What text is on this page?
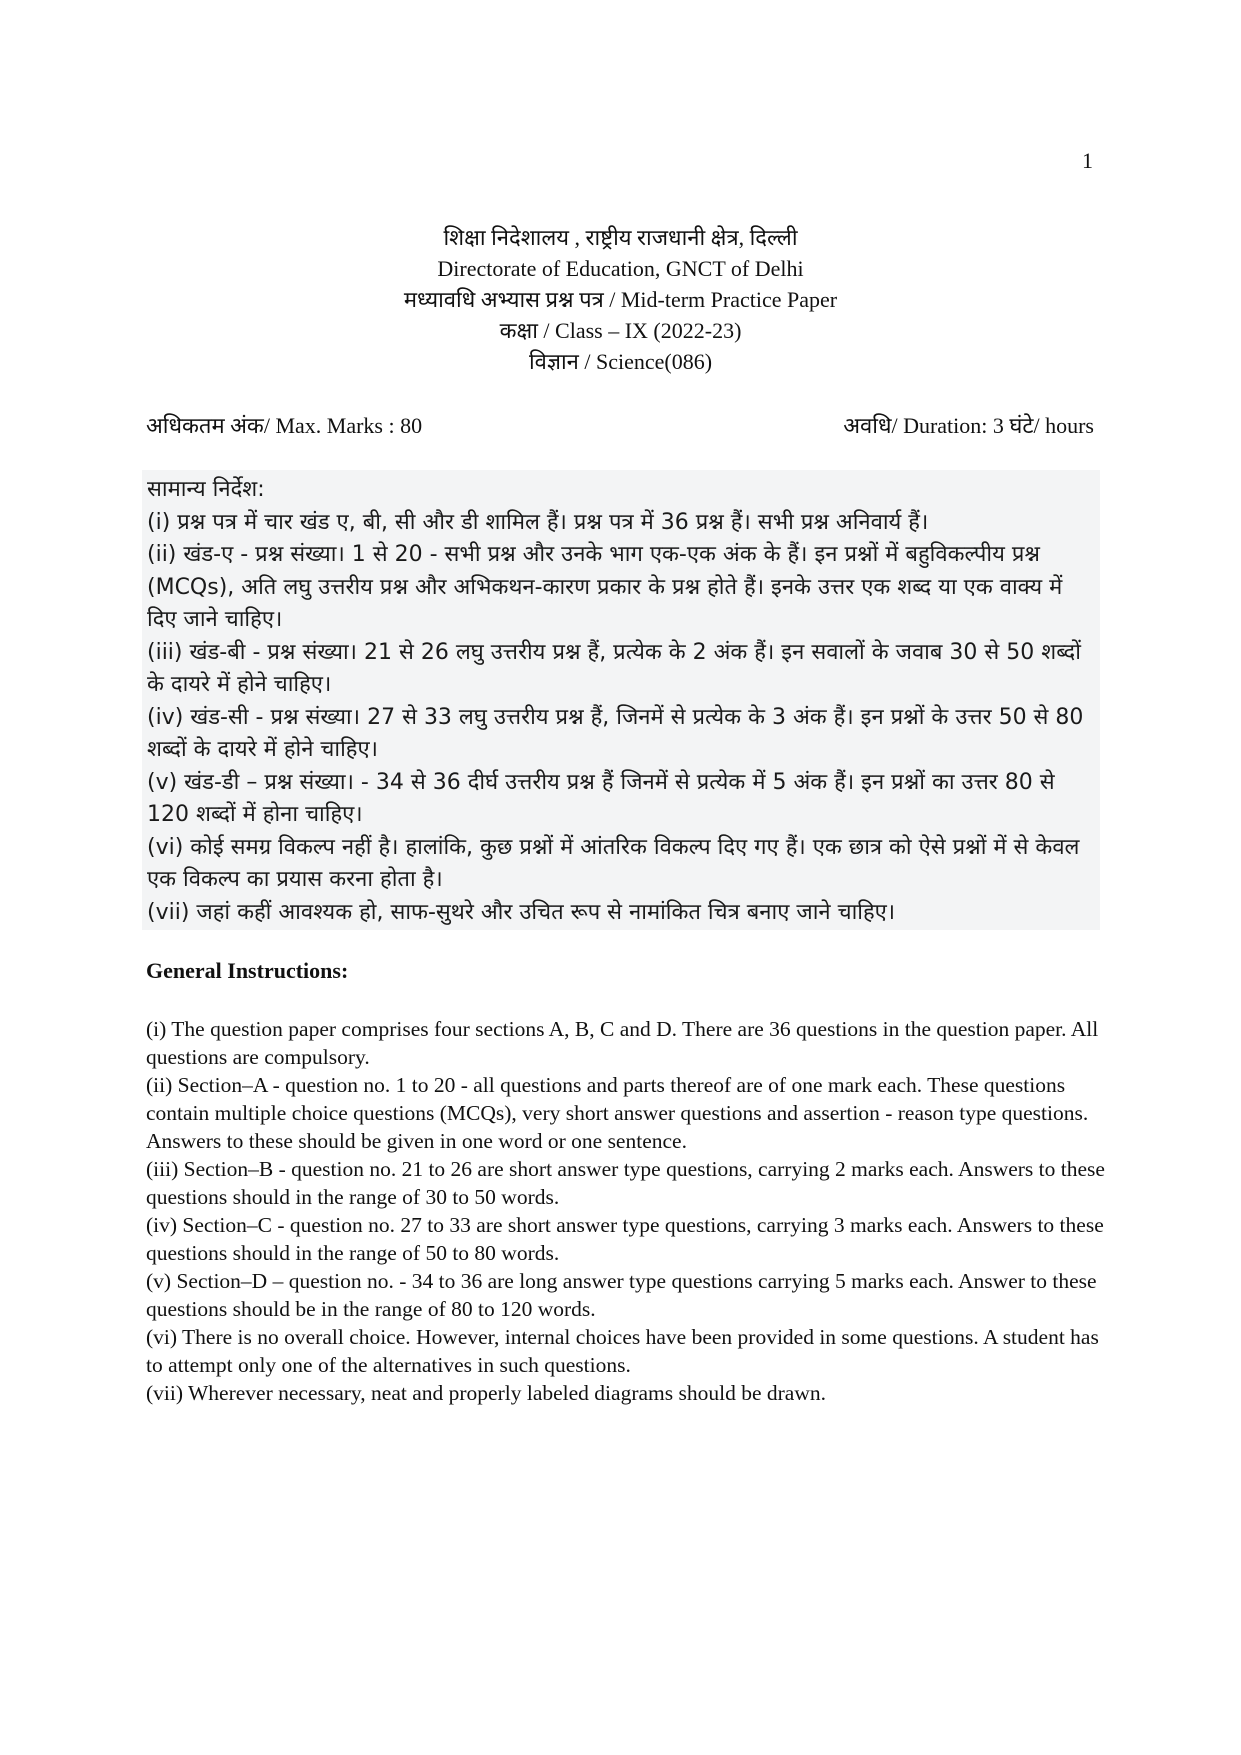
1
शिक्षा निदेशालय , राष्ट्रीय राजधानी क्षेत्र, दिल्ली
Directorate of Education, GNCT of Delhi
मध्यावधि अभ्यास प्रश्न पत्र / Mid-term Practice Paper
कक्षा / Class – IX (2022-23)
विज्ञान / Science(086)
अधिकतम अंक/ Max. Marks : 80	अवधि/ Duration: 3 घंटे/ hours

सामान्य निर्देश:

(i) प्रश्न पत्र में चार खंड ए, बी, सी और डी शामिल हैं। प्रश्न पत्र में 36 प्रश्न हैं। सभी प्रश्न अनिवार्य हैं।

(ii) खंड-ए - प्रश्न संख्या। 1 से 20 - सभी प्रश्न और उनके भाग एक-एक अंक के हैं। इन प्रश्नों में बहुविकल्पीय प्रश्न (MCQs), अति लघु उत्तरीय प्रश्न और अभिकथन-कारण प्रकार के प्रश्न होते हैं। इनके उत्तर एक शब्द या एक वाक्य में दिए जाने चाहिए।

(iii) खंड-बी - प्रश्न संख्या। 21 से 26 लघु उत्तरीय प्रश्न हैं, प्रत्येक के 2 अंक हैं। इन सवालों के जवाब 30 से 50 शब्दों के दायरे में होने चाहिए।

(iv) खंड-सी - प्रश्न संख्या। 27 से 33 लघु उत्तरीय प्रश्न हैं, जिनमें से प्रत्येक के 3 अंक हैं। इन प्रश्नों के उत्तर 50 से 80 शब्दों के दायरे में होने चाहिए।

(v) खंड-डी – प्रश्न संख्या। - 34 से 36 दीर्घ उत्तरीय प्रश्न हैं जिनमें से प्रत्येक में 5 अंक हैं। इन प्रश्नों का उत्तर 80 से 120 शब्दों में होना चाहिए।

(vi) कोई समग्र विकल्प नहीं है। हालांकि, कुछ प्रश्नों में आंतरिक विकल्प दिए गए हैं। एक छात्र को ऐसे प्रश्नों में से केवल एक विकल्प का प्रयास करना होता है।

(vii) जहां कहीं आवश्यक हो, साफ-सुथरे और उचित रूप से नामांकित चित्र बनाए जाने चाहिए।

General Instructions:

(i) The question paper comprises four sections A, B, C and D. There are 36 questions in the question paper. All questions are compulsory.

(ii) Section–A - question no. 1 to 20 - all questions and parts thereof are of one mark each. These questions contain multiple choice questions (MCQs), very short answer questions and assertion - reason type questions. Answers to these should be given in one word or one sentence.

(iii) Section–B - question no. 21 to 26 are short answer type questions, carrying 2 marks each. Answers to these questions should in the range of 30 to 50 words.

(iv) Section–C - question no. 27 to 33 are short answer type questions, carrying 3 marks each. Answers to these questions should in the range of 50 to 80 words.

(v) Section–D – question no. - 34 to 36 are long answer type questions carrying 5 marks each. Answer to these questions should be in the range of 80 to 120 words.

(vi) There is no overall choice. However, internal choices have been provided in some questions. A student has to attempt only one of the alternatives in such questions.

(vii) Wherever necessary, neat and properly labeled diagrams should be drawn.
